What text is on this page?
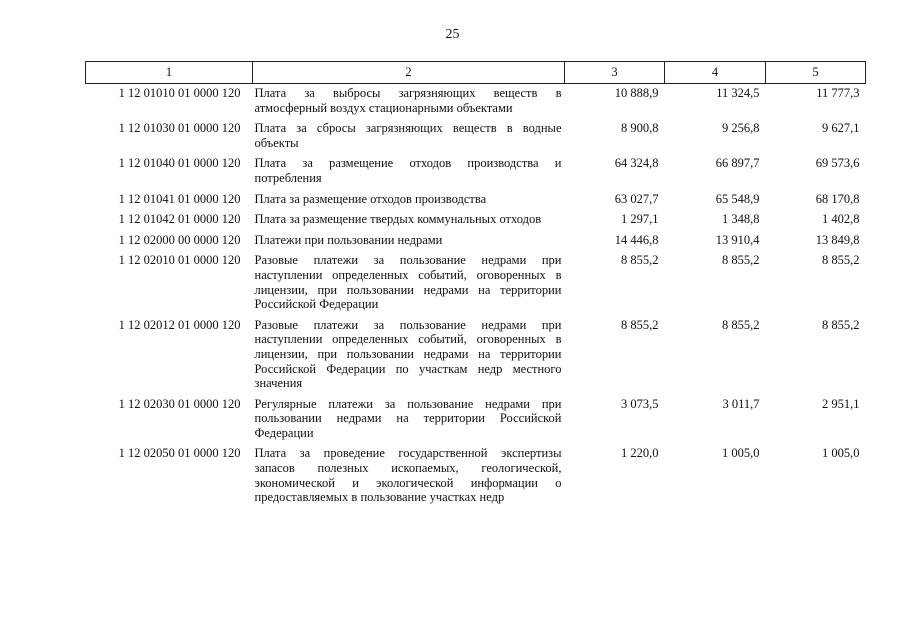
25
1	2	3	4	5
1 12 01010 01 0000 120	Плата за выбросы загрязняющих веществ в атмосферный воздух стационарными объектами	10 888,9	11 324,5	11 777,3
1 12 01030 01 0000 120	Плата за сбросы загрязняющих веществ в водные объекты	8 900,8	9 256,8	9 627,1
1 12 01040 01 0000 120	Плата за размещение отходов производства и потребления	64 324,8	66 897,7	69 573,6
1 12 01041 01 0000 120	Плата за размещение отходов производства	63 027,7	65 548,9	68 170,8
1 12 01042 01 0000 120	Плата за размещение твердых коммунальных отходов	1 297,1	1 348,8	1 402,8
1 12 02000 00 0000 120	Платежи при пользовании недрами	14 446,8	13 910,4	13 849,8
1 12 02010 01 0000 120	Разовые платежи за пользование недрами при наступлении определенных событий, оговоренных в лицензии, при пользовании недрами на территории Российской Федерации	8 855,2	8 855,2	8 855,2
1 12 02012 01 0000 120	Разовые платежи за пользование недрами при наступлении определенных событий, оговоренных в лицензии, при пользовании недрами на территории Российской Федерации по участкам недр местного значения	8 855,2	8 855,2	8 855,2
1 12 02030 01 0000 120	Регулярные платежи за пользование недрами при пользовании недрами на территории Российской Федерации	3 073,5	3 011,7	2 951,1
1 12 02050 01 0000 120	Плата за проведение государственной экспертизы запасов полезных ископаемых, геологической, экономической и экологической информации о предоставляемых в пользование участках недр	1 220,0	1 005,0	1 005,0
